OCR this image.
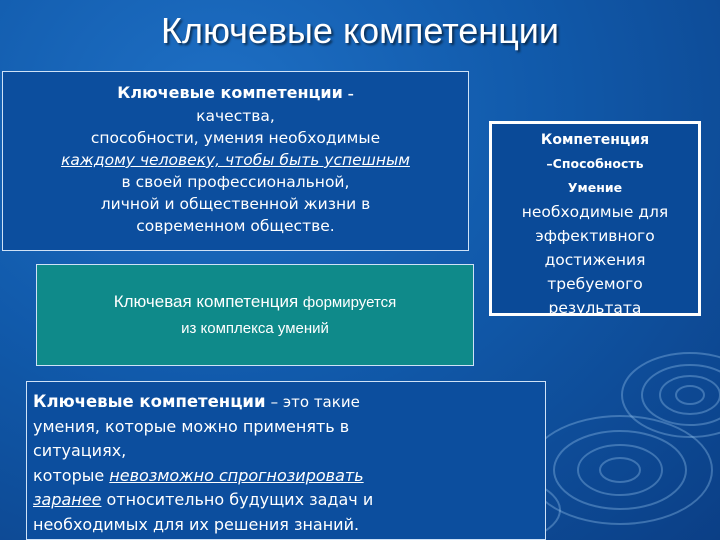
Ключевые компетенции
Ключевые компетенции –
качества,
способности, умения необходимые
каждому человеку, чтобы быть успешным
в своей профессиональной,
личной и общественной жизни в
современном обществе.
Компетенция
–Способность
Умение
необходимые для
эффективного
достижения
требуемого
результата
Ключевая компетенция формируется
из комплекса умений
Ключевые компетенции – это такие
умения, которые можно применять в
ситуациях,
которые невозможно спрогнозировать
заранее относительно будущих задач и
необходимых для их решения знаний.
